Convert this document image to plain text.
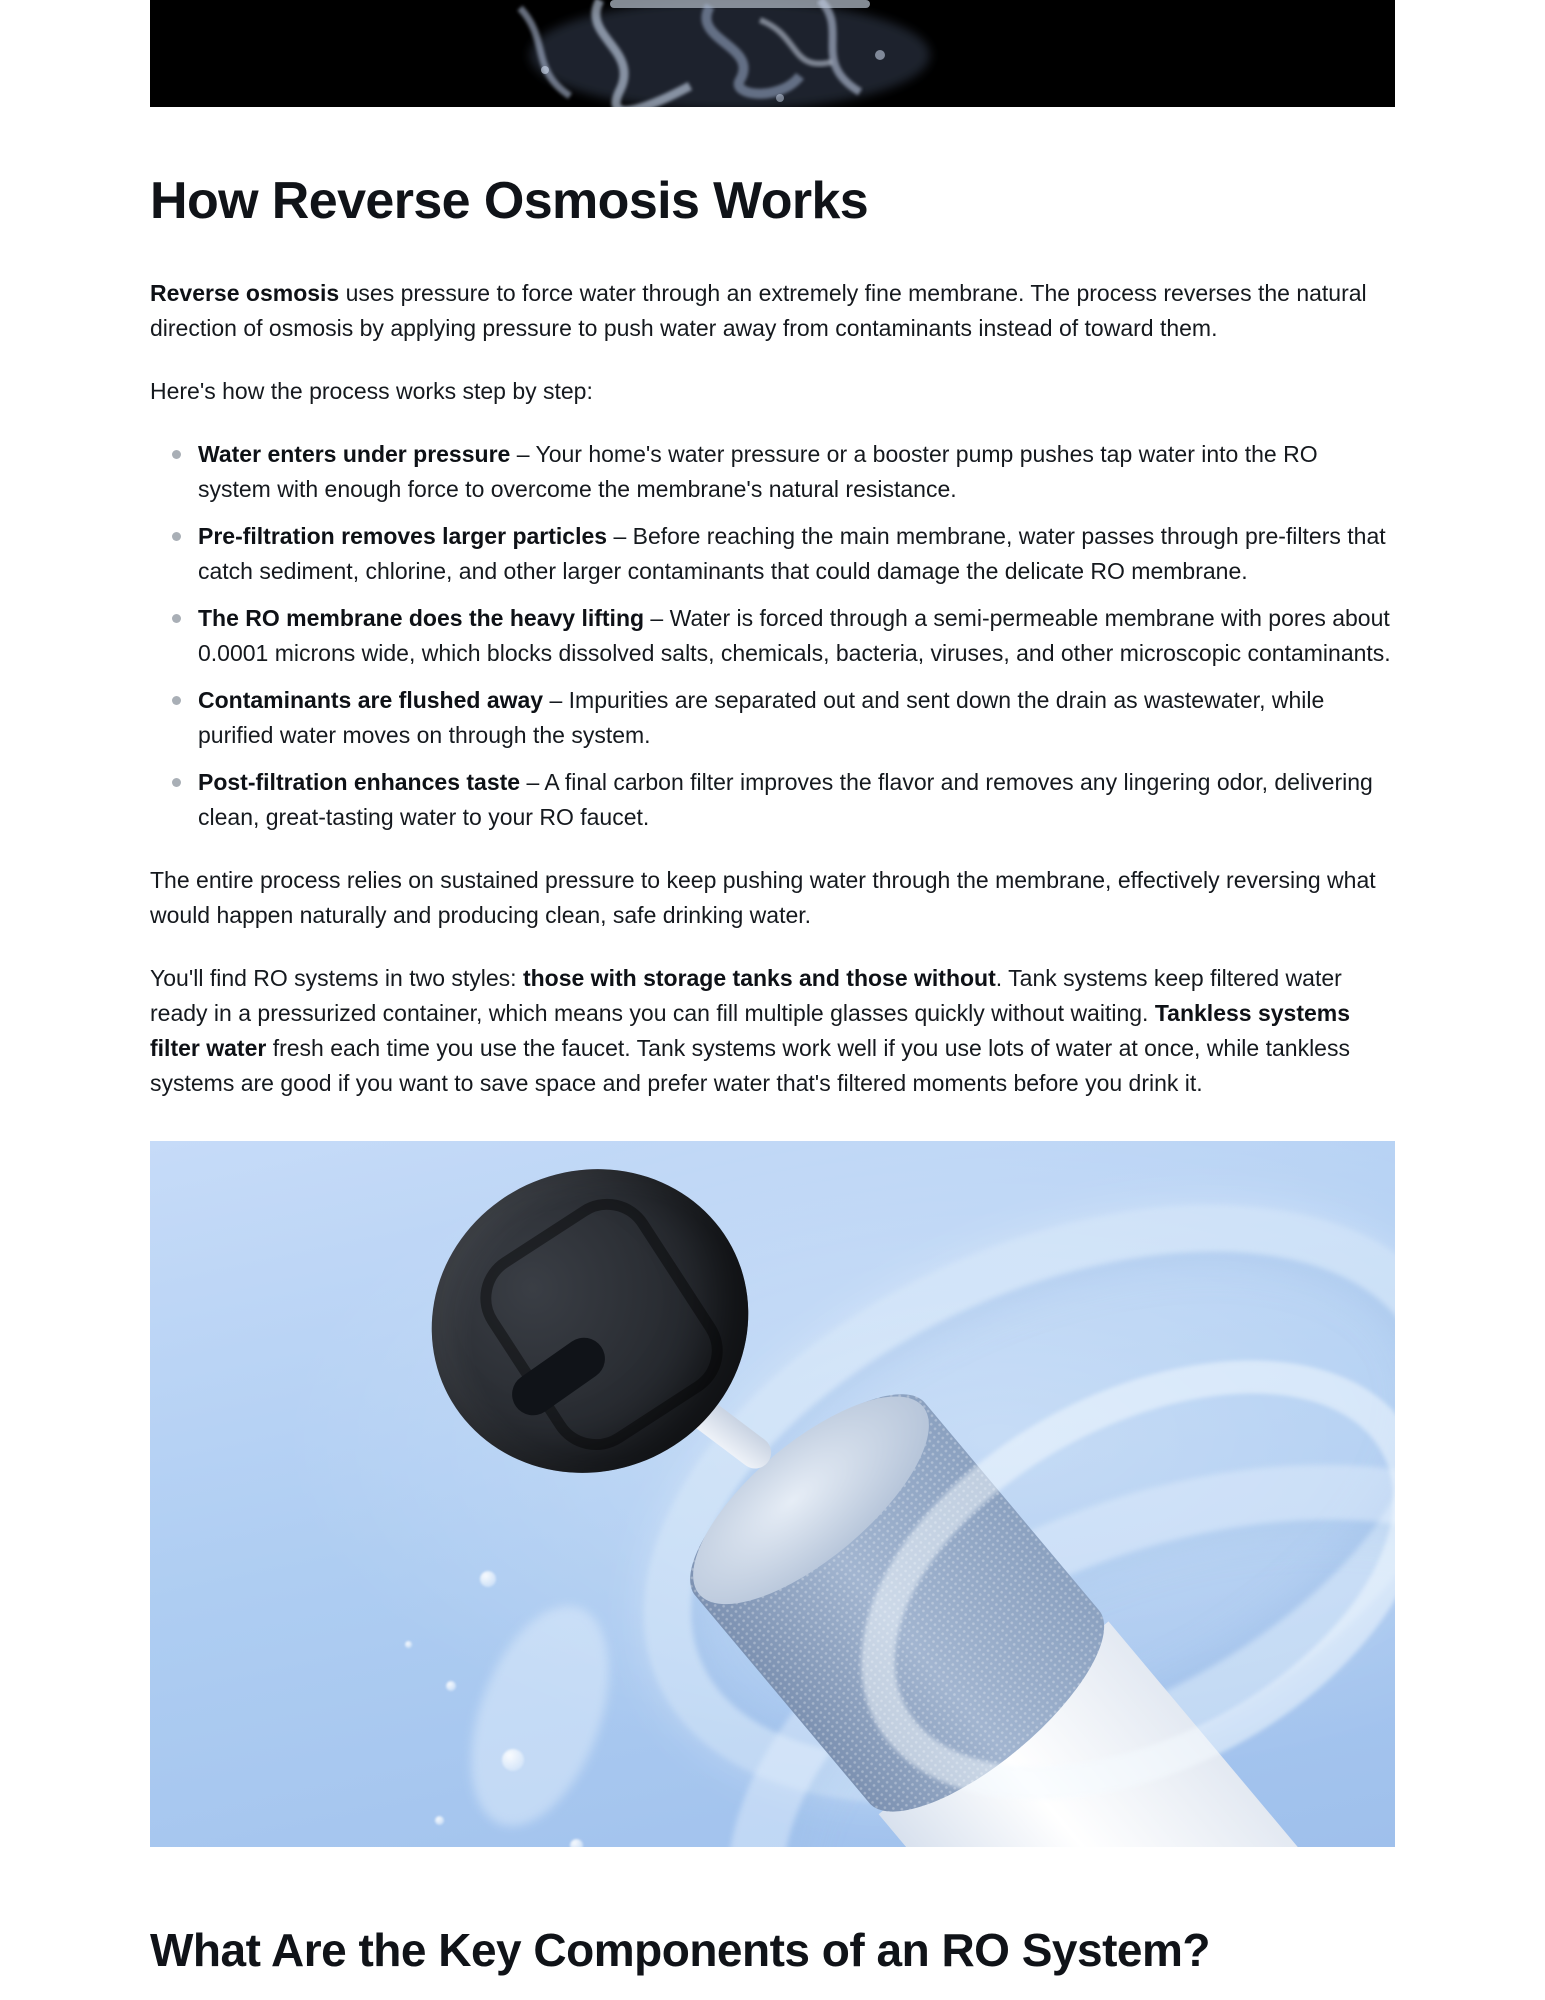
How Reverse Osmosis Works

Reverse osmosis uses pressure to force water through an extremely fine membrane. The process reverses the natural direction of osmosis by applying pressure to push water away from contaminants instead of toward them.

Here's how the process works step by step:

Water enters under pressure – Your home's water pressure or a booster pump pushes tap water into the RO system with enough force to overcome the membrane's natural resistance.
Pre-filtration removes larger particles – Before reaching the main membrane, water passes through pre-filters that catch sediment, chlorine, and other larger contaminants that could damage the delicate RO membrane.
The RO membrane does the heavy lifting – Water is forced through a semi-permeable membrane with pores about 0.0001 microns wide, which blocks dissolved salts, chemicals, bacteria, viruses, and other microscopic contaminants.
Contaminants are flushed away – Impurities are separated out and sent down the drain as wastewater, while purified water moves on through the system.
Post-filtration enhances taste – A final carbon filter improves the flavor and removes any lingering odor, delivering clean, great-tasting water to your RO faucet.

The entire process relies on sustained pressure to keep pushing water through the membrane, effectively reversing what would happen naturally and producing clean, safe drinking water.

You'll find RO systems in two styles: those with storage tanks and those without. Tank systems keep filtered water ready in a pressurized container, which means you can fill multiple glasses quickly without waiting. Tankless systems filter water fresh each time you use the faucet. Tank systems work well if you use lots of water at once, while tankless systems are good if you want to save space and prefer water that's filtered moments before you drink it.

What Are the Key Components of an RO System?
